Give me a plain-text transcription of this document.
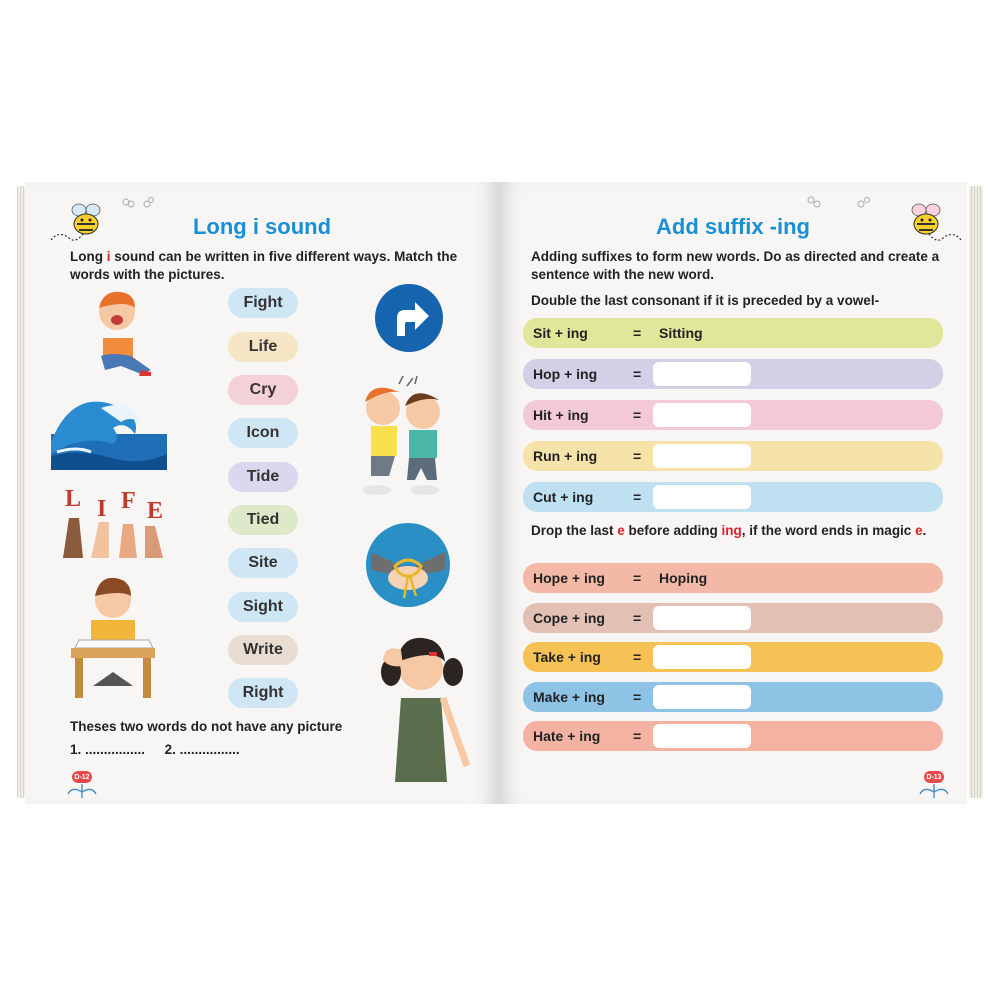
Long i sound
Long i sound can be written in five different ways. Match the words with the pictures.
L I F E
Fight
Life
Cry
Icon
Tide
Tied
Site
Sight
Write
Right
Theses two words do not have any picture
1. ................ 2. ................
D-12
Add suffix -ing
Adding suffixes to form new words. Do as directed and create a sentence with the new word.
Double the last consonant if it is preceded by a vowel-
Sit + ing	= Sitting
Hop + ing	=
Hit + ing	=
Run + ing	=
Cut + ing	=
Drop the last e before adding ing, if the word ends in magic e.
Hope + ing = Hoping
Cope + ing =
Take + ing =
Make + ing =
Hate + ing =
D-13
